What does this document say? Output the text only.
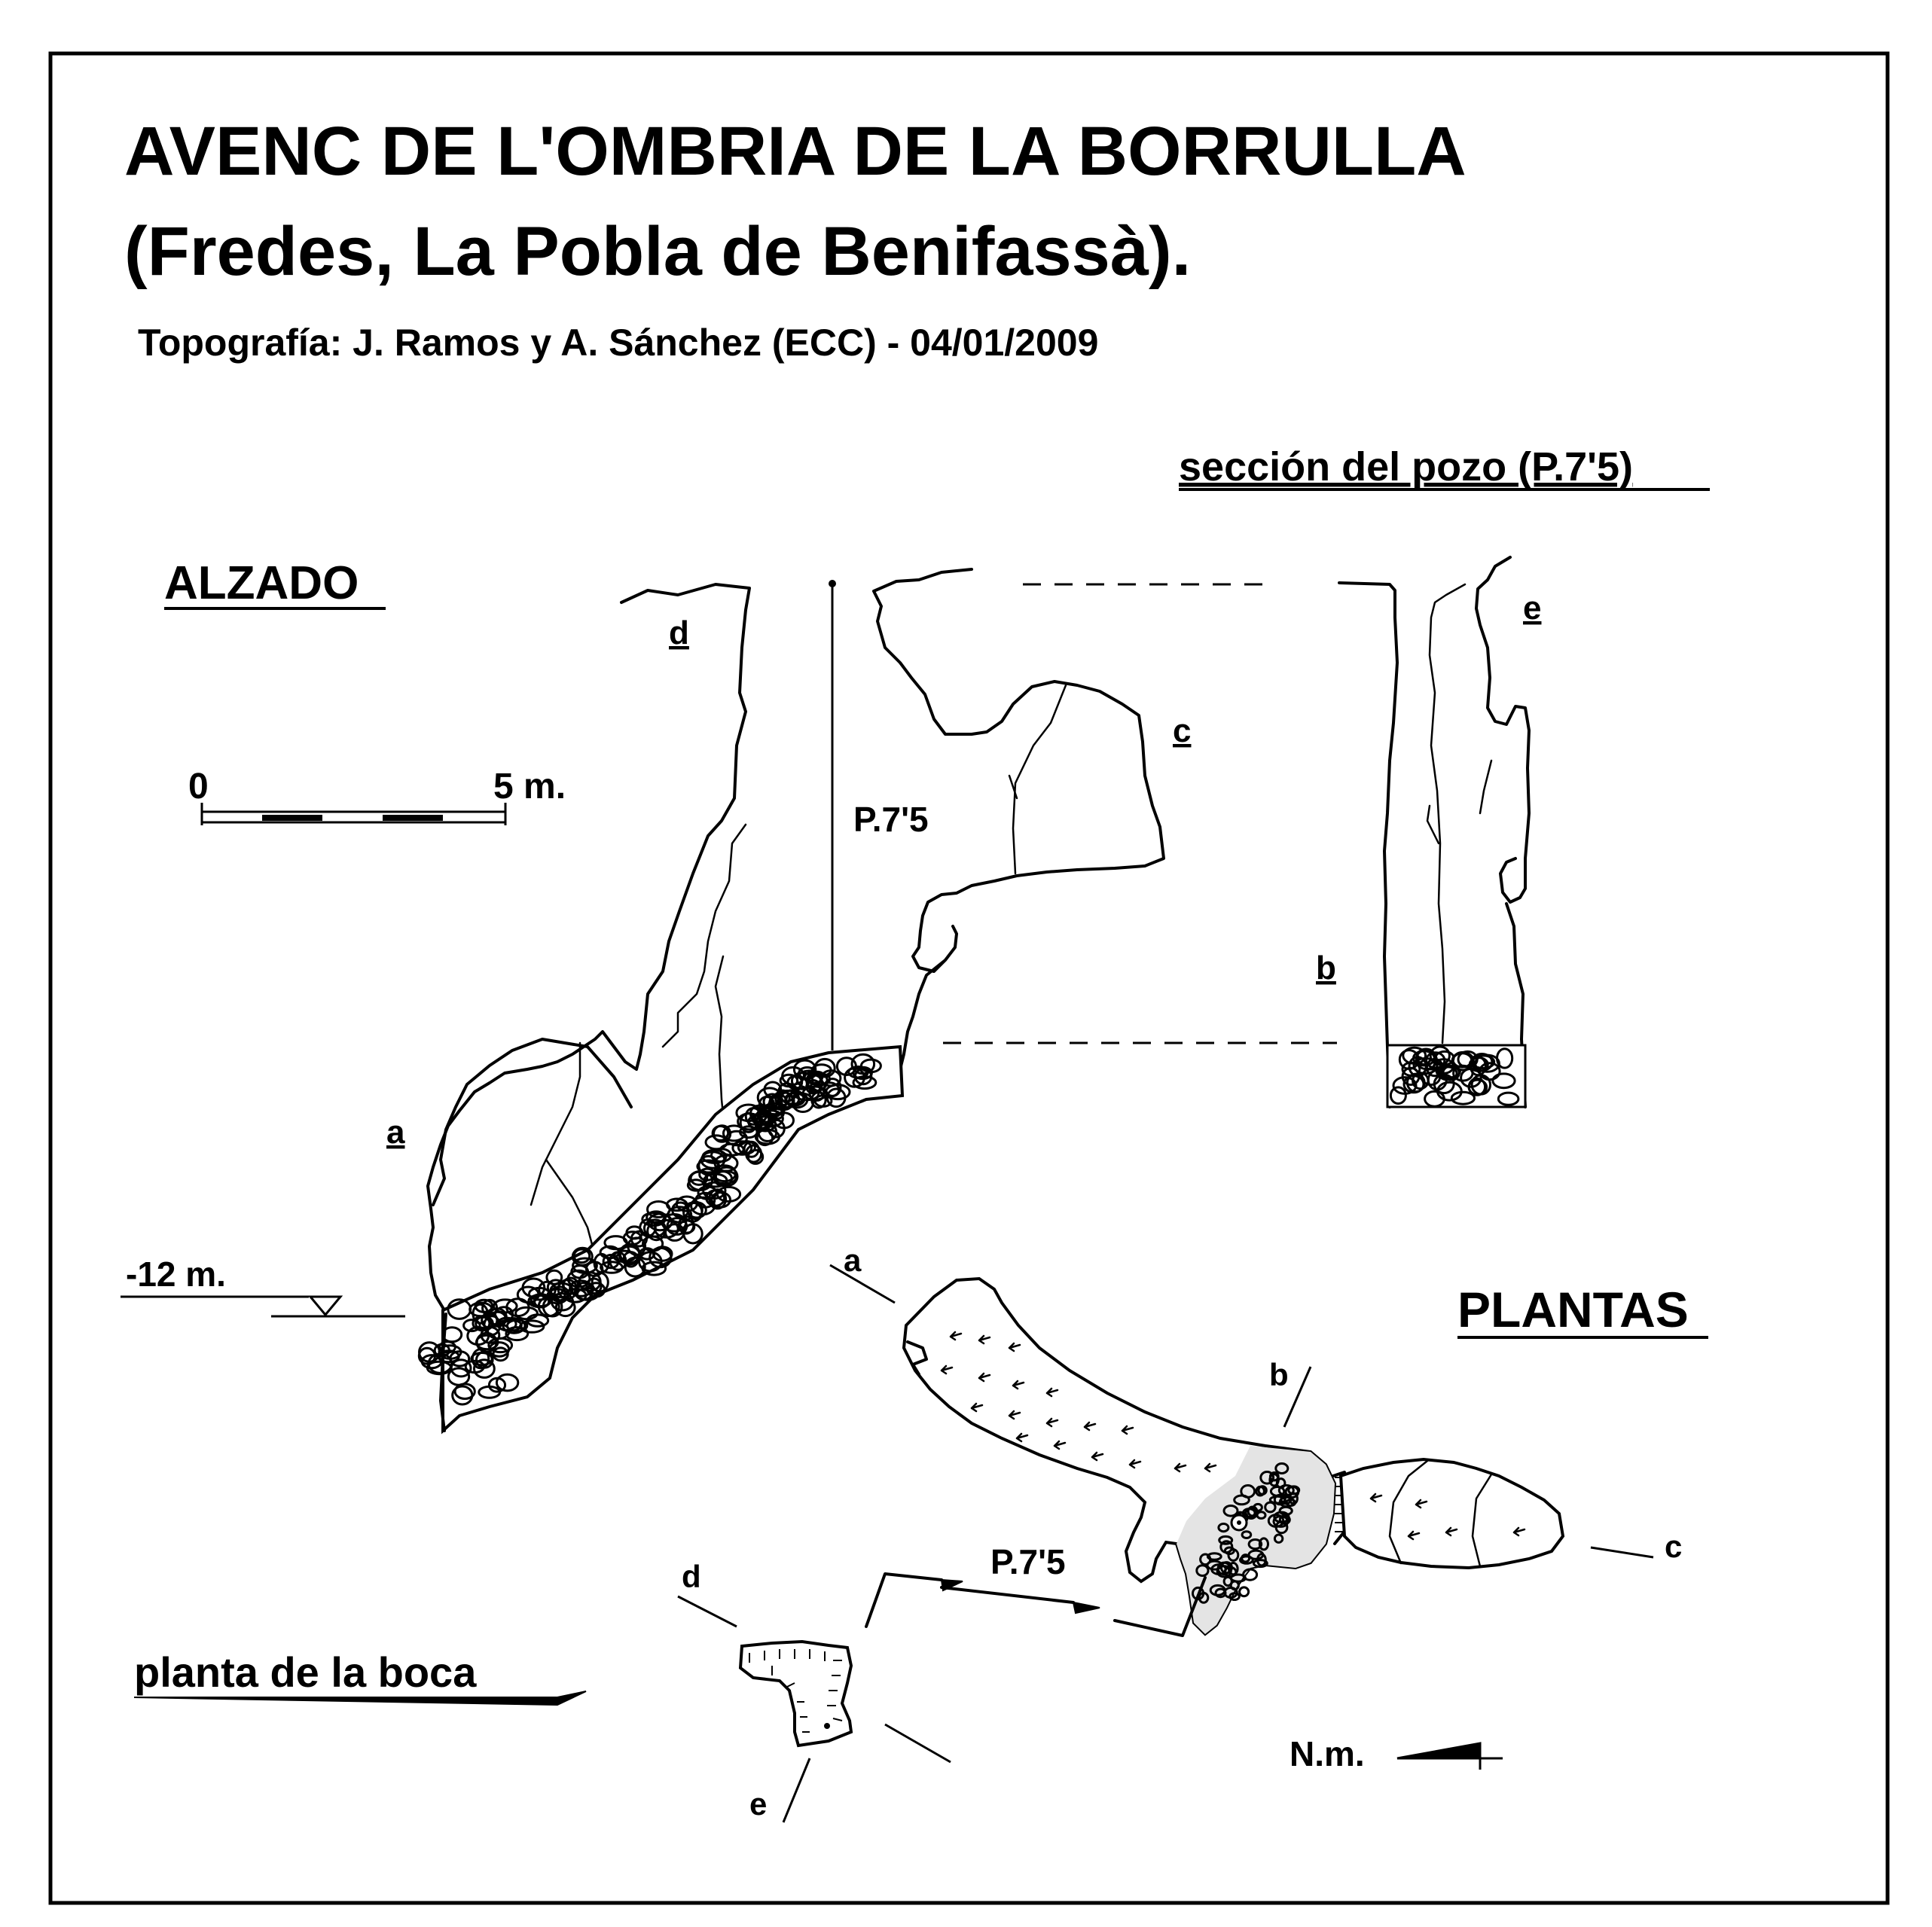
AVENC DE L'OMBRIA DE LA BORRULLA
(Fredes, La Pobla de Benifassà).
Topografía: J. Ramos y A. Sánchez (ECC) - 04/01/2009
sección del pozo (P.7'5)
ALZADO
PLANTAS
planta de la boca
0	5 m.
-12 m.
P.7'5
d
c
a
e
b
a
b
c
P.7'5
d
e
N.m.
